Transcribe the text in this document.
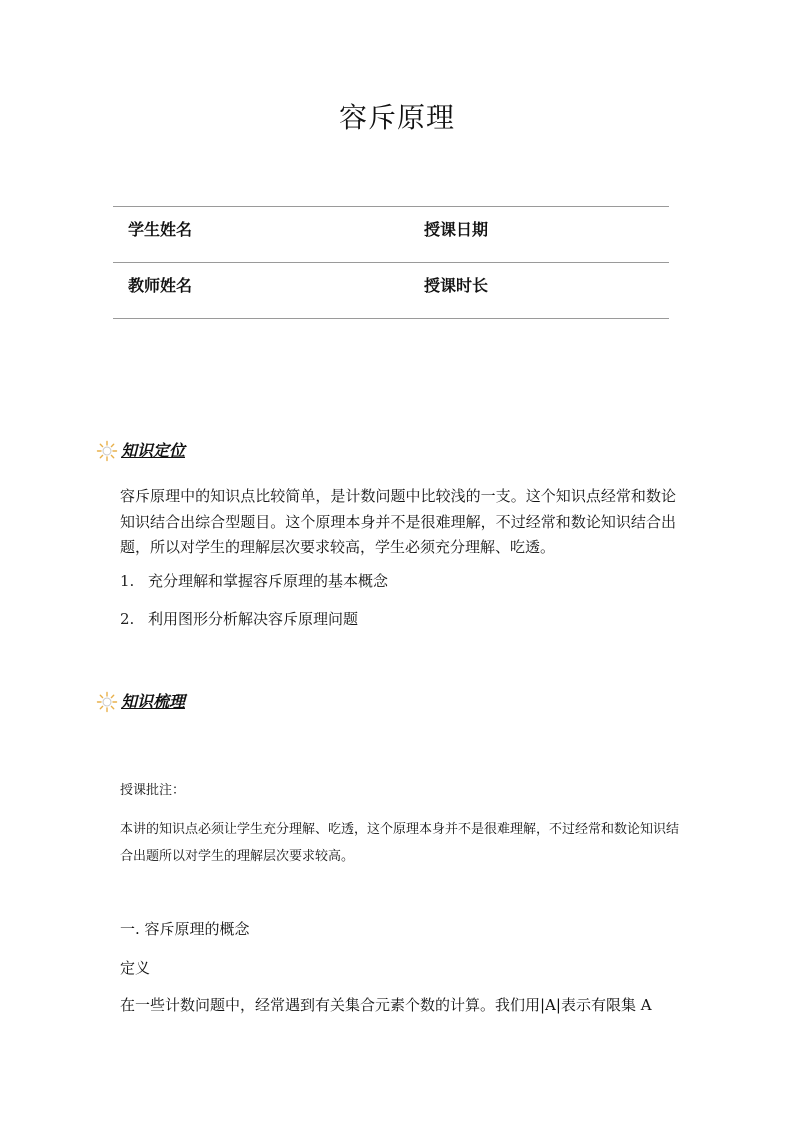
容斥原理
学生姓名	授课日期
教师姓名	授课时长
知识定位
容斥原理中的知识点比较简单，是计数问题中比较浅的一支。这个知识点经常和数论知识结合出综合型题目。这个原理本身并不是很难理解，不过经常和数论知识结合出题，所以对学生的理解层次要求较高，学生必须充分理解、吃透。
1. 充分理解和掌握容斥原理的基本概念
2. 利用图形分析解决容斥原理问题
知识梳理
授课批注：
本讲的知识点必须让学生充分理解、吃透，这个原理本身并不是很难理解，不过经常和数论知识结合出题所以对学生的理解层次要求较高。
一. 容斥原理的概念
定义
在一些计数问题中，经常遇到有关集合元素个数的计算。我们用|A|表示有限集 A
